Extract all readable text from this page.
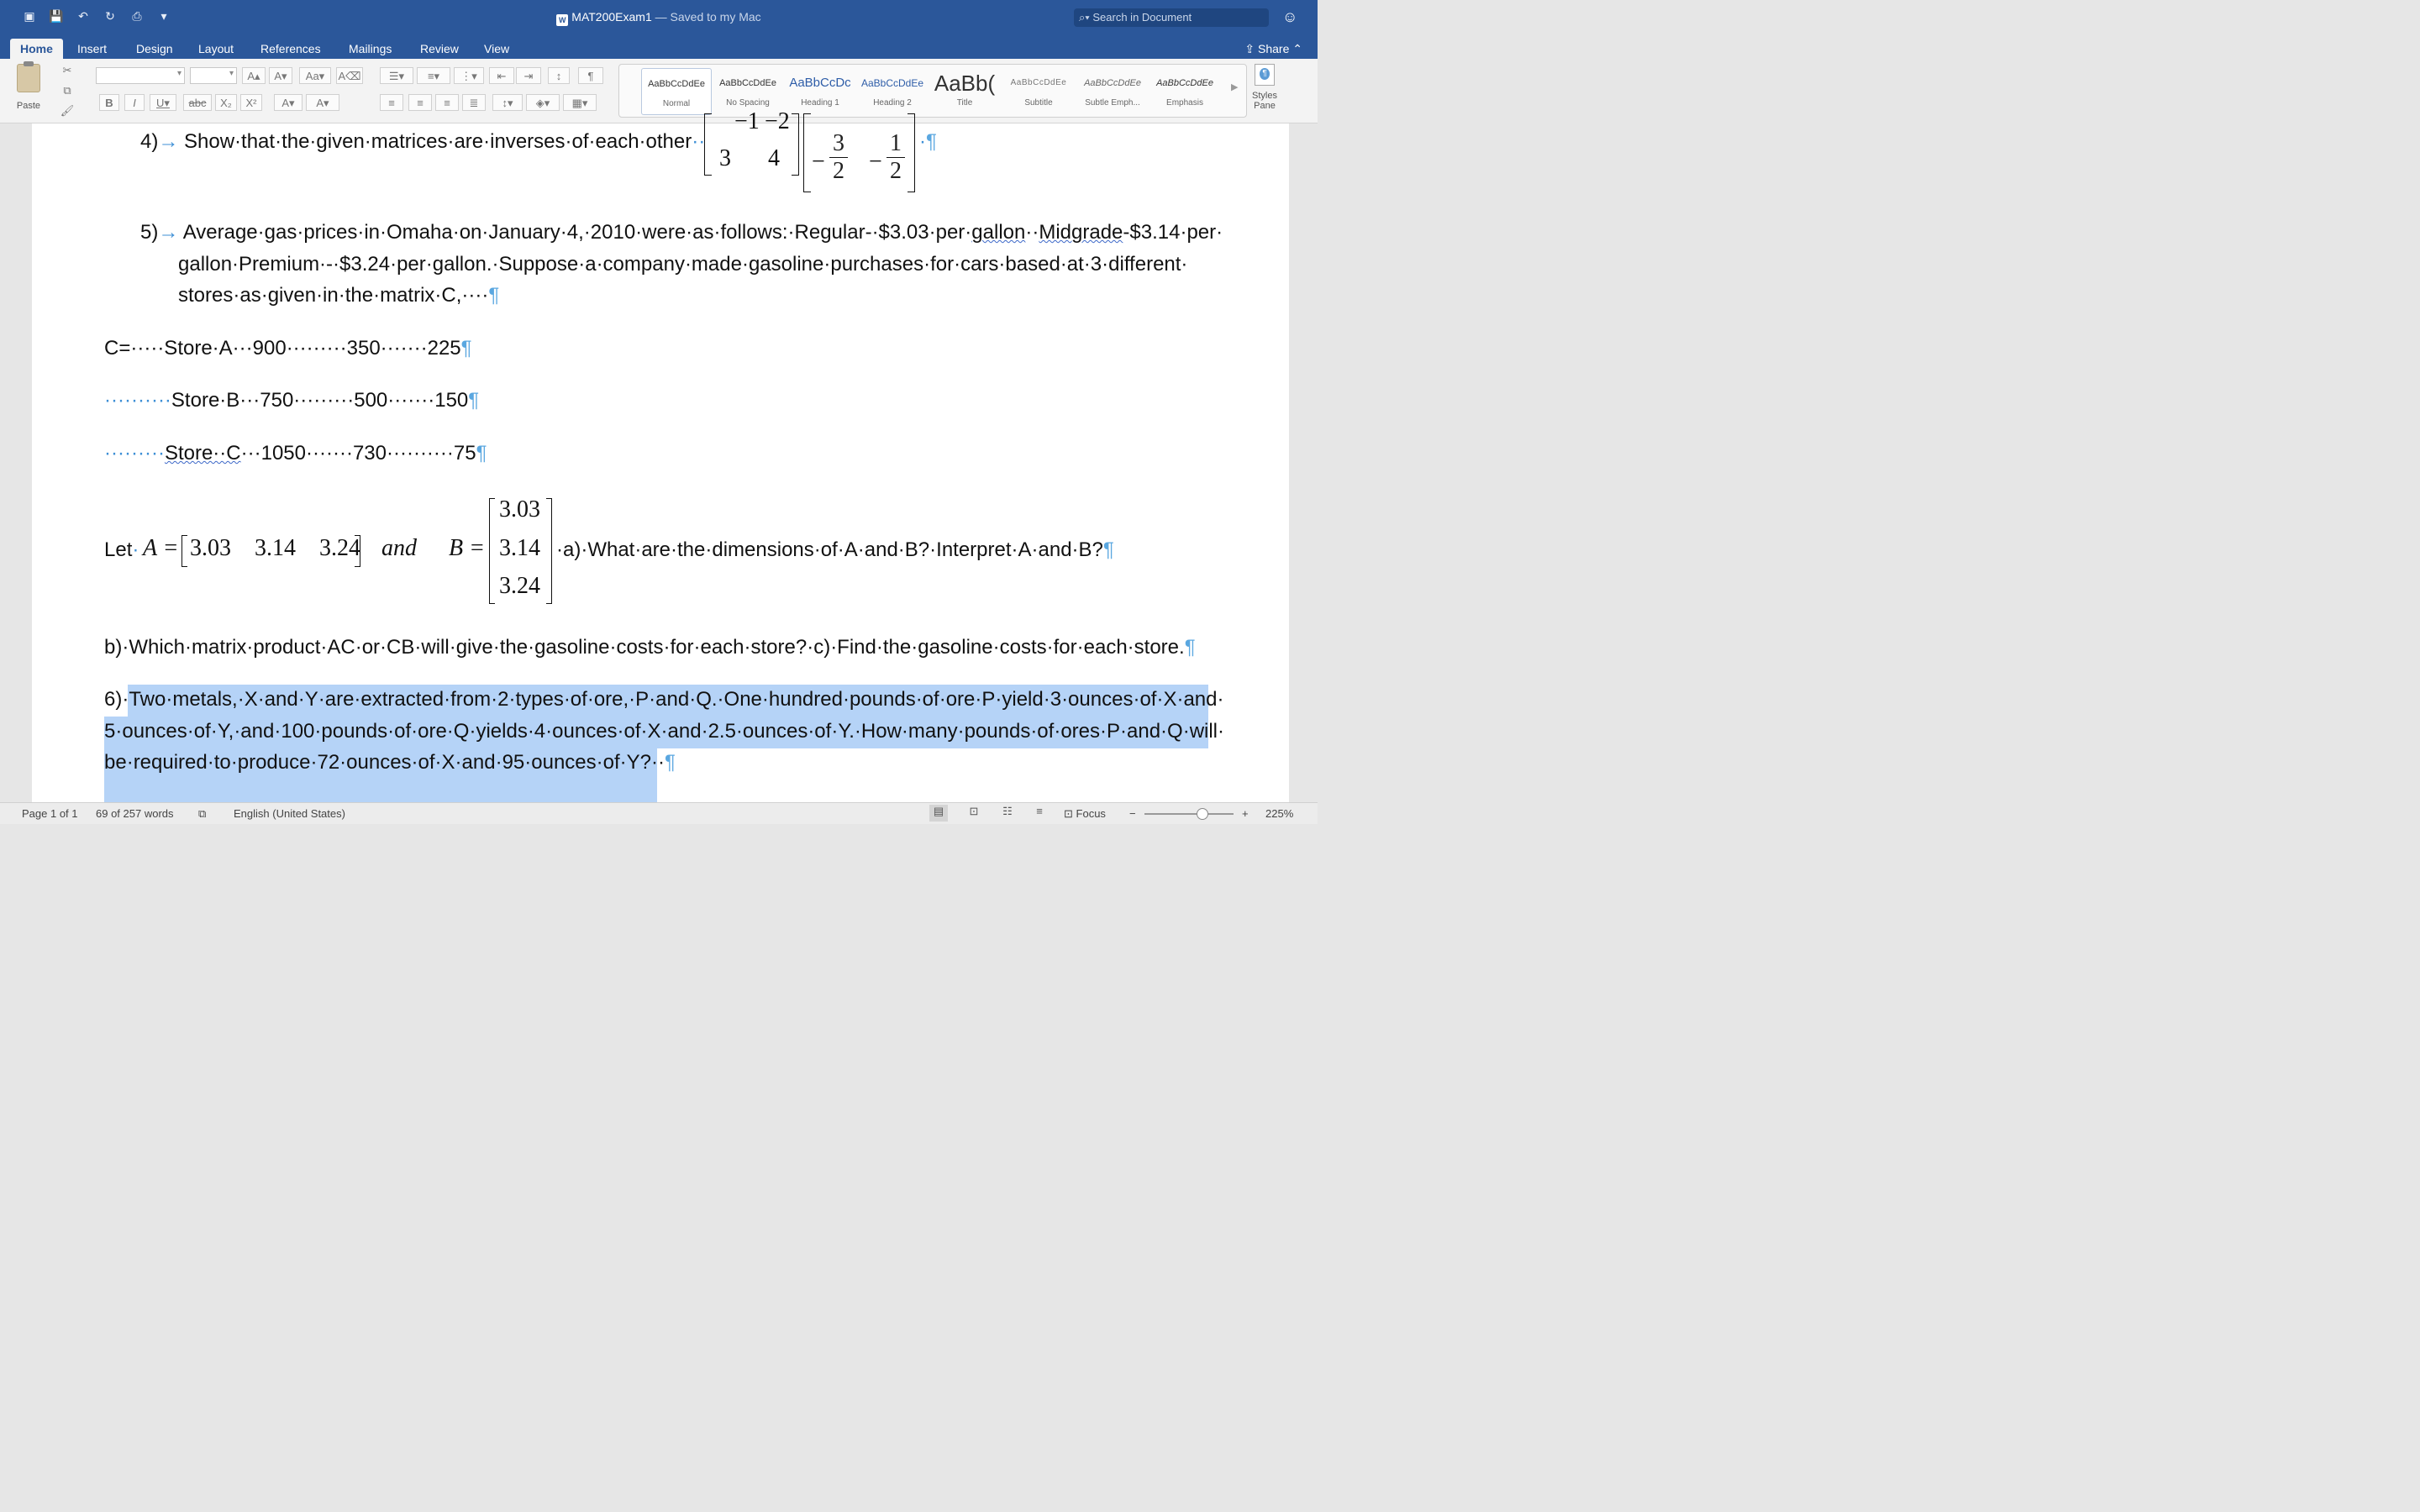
▣ 💾 ↶ ↻ ⎙	▾	W MAT200Exam1 — Saved to my Mac	⌕▾ Search in Document	☺
Home	Insert	Design	Layout	References	Mailings	Review	View	⇪ Share ⌃
Paste
✂
⧉
🖌
▾
▾
A▴	A▾	Aa▾	A⌫
B	I	U▾	abc	X₂	X²	A▾	A▾
☰▾	≡▾	⋮▾	⇤	⇥	↕	¶
≡	≡	≡	≣	↕▾	◈▾	▦▾
AaBbCcDdEe
Normal
AaBbCcDdEe
No Spacing
AaBbCcDc
Heading 1
AaBbCcDdEe
Heading 2
AaBb(
Title
AaBbCcDdEe
Subtitle
AaBbCcDdEe
Subtle Emph...
AaBbCcDdEe
Emphasis
▶
¶
Styles
Pane
4)→ Show·that·the·given·matrices·are·inverses·of·each·other··
−1 −2
3 4 −
3
2 −
1
2
·¶
5)→ Average·gas·prices·in·Omaha·on·January·4,·2010·were·as·follows:·Regular-·$3.03·per·gallon··Midgrade-$3.14·per·
gallon·Premium·-·$3.24·per·gallon.·Suppose·a·company·made·gasoline·purchases·for·cars·based·at·3·different·
stores·as·given·in·the·matrix·C,····¶
C=·····Store·A···900·········350·······225¶
··········Store·B···750·········500·······150¶
·········Store··C···1050·······730··········75¶
Let· A = 3.03    3.14    3.24 and B =
3.03
3.14
3.24
·a)·What·are·the·dimensions·of·A·and·B?·Interpret·A·and·B?¶
b)·Which·matrix·product·AC·or·CB·will·give·the·gasoline·costs·for·each·store?·c)·Find·the·gasoline·costs·for·each·store.¶
6)·Two·metals,·X·and·Y·are·extracted·from·2·types·of·ore,·P·and·Q.·One·hundred·pounds·of·ore·P·yield·3·ounces·of·X·and·
5·ounces·of·Y,·and·100·pounds·of·ore·Q·yields·4·ounces·of·X·and·2.5·ounces·of·Y.·How·many·pounds·of·ores·P·and·Q·will·
be·required·to·produce·72·ounces·of·X·and·95·ounces·of·Y?··¶
Page 1 of 1 69 of 257 words ⧉	English (United States)	▤	⊡	☷	≡	⊡ Focus −	+ 225%
